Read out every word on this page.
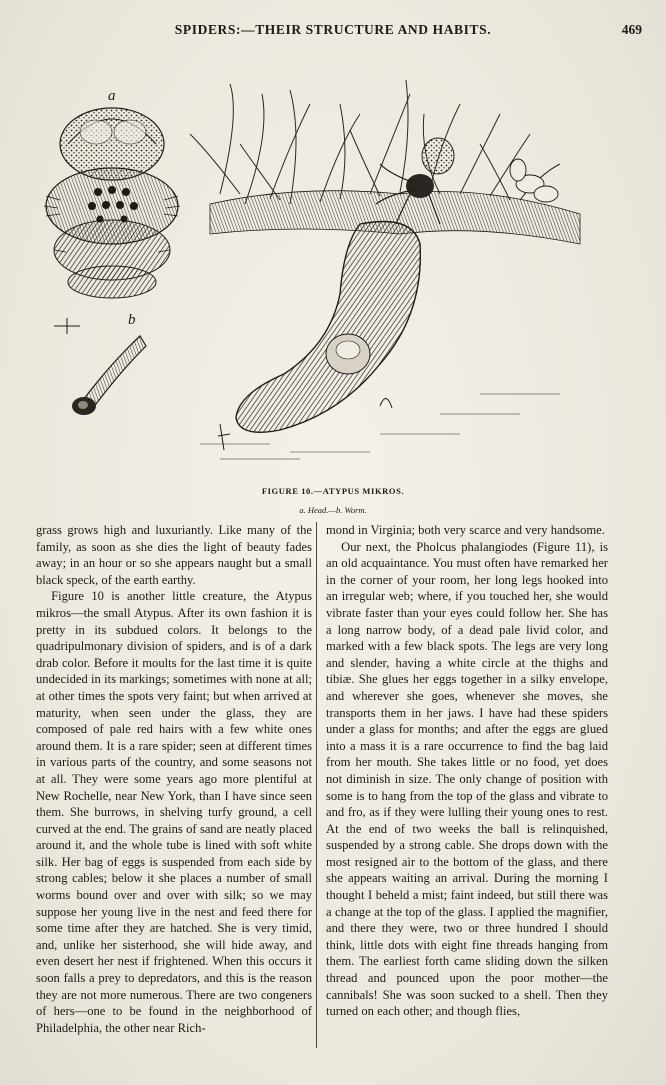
SPIDERS:—THEIR STRUCTURE AND HABITS.	469
a
b
FIGURE 10.—ATYPUS MIKROS.
a. Head.—b. Worm.

grass grows high and luxuriantly. Like many of the family, as soon as she dies the light of beauty fades away; in an hour or so she appears naught but a small black speck, of the earth earthy.

Figure 10 is another little creature, the Atypus mikros—the small Atypus. After its own fashion it is pretty in its subdued colors. It belongs to the quadripulmonary division of spiders, and is of a dark drab color. Before it moults for the last time it is quite undecided in its markings; sometimes with none at all; at other times the spots very faint; but when arrived at maturity, when seen under the glass, they are composed of pale red hairs with a few white ones around them. It is a rare spider; seen at different times in various parts of the country, and some seasons not at all. They were some years ago more plentiful at New Rochelle, near New York, than I have since seen them. She burrows, in shelving turfy ground, a cell curved at the end. The grains of sand are neatly placed around it, and the whole tube is lined with soft white silk. Her bag of eggs is suspended from each side by strong cables; below it she places a number of small worms bound over and over with silk; so we may suppose her young live in the nest and feed there for some time after they are hatched. She is very timid, and, unlike her sisterhood, she will hide away, and even desert her nest if frightened. When this occurs it soon falls a prey to depredators, and this is the reason they are not more numerous. There are two congeners of hers—one to be found in the neighborhood of Philadelphia, the other near Rich-

mond in Virginia; both very scarce and very handsome.

Our next, the Pholcus phalangiodes (Figure 11), is an old acquaintance. You must often have remarked her in the corner of your room, her long legs hooked into an irregular web; where, if you touched her, she would vibrate faster than your eyes could follow her. She has a long narrow body, of a dead pale livid color, and marked with a few black spots. The legs are very long and slender, having a white circle at the thighs and tibiæ. She glues her eggs together in a silky envelope, and wherever she goes, whenever she moves, she transports them in her jaws. I have had these spiders under a glass for months; and after the eggs are glued into a mass it is a rare occurrence to find the bag laid from her mouth. She takes little or no food, yet does not diminish in size. The only change of position with some is to hang from the top of the glass and vibrate to and fro, as if they were lulling their young ones to rest. At the end of two weeks the ball is relinquished, suspended by a strong cable. She drops down with the most resigned air to the bottom of the glass, and there she appears waiting an arrival. During the morning I thought I beheld a mist; faint indeed, but still there was a change at the top of the glass. I applied the magnifier, and there they were, two or three hundred I should think, little dots with eight fine threads hanging from them. The earliest forth came sliding down the silken thread and pounced upon the poor mother—the cannibals! She was soon sucked to a shell. Then they turned on each other; and though flies,
